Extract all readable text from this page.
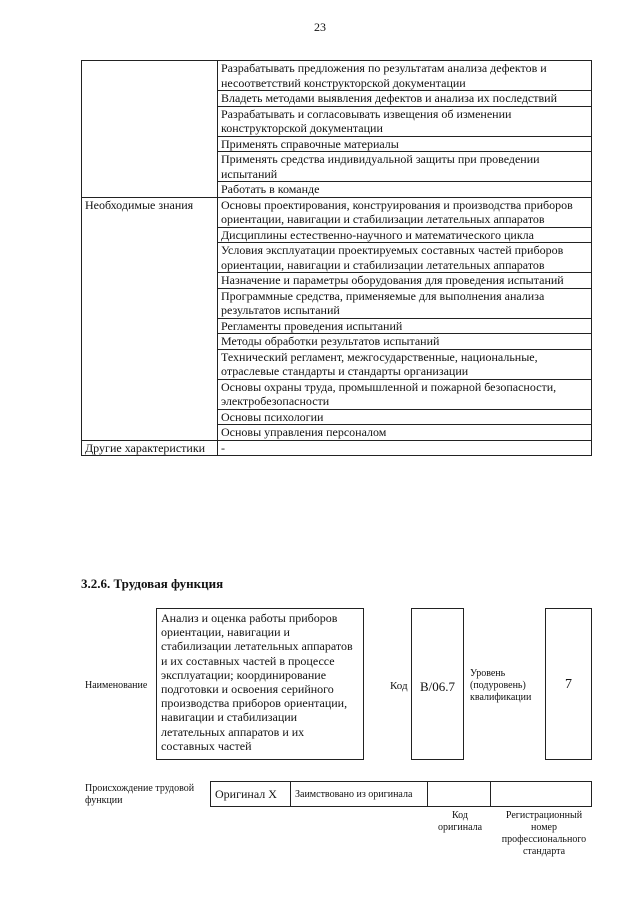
23
	Разрабатывать предложения по результатам анализа дефектов и несоответствий конструкторской документации
	Владеть методами выявления дефектов и анализа их последствий
	Разрабатывать и согласовывать извещения об изменении конструкторской документации
	Применять справочные материалы
	Применять средства индивидуальной защиты при проведении испытаний
	Работать в команде
Необходимые знания	Основы проектирования, конструирования и производства приборов ориентации, навигации и стабилизации летательных аппаратов
	Дисциплины естественно-научного и математического цикла
	Условия эксплуатации проектируемых составных частей приборов ориентации, навигации и стабилизации летательных аппаратов
	Назначение и параметры оборудования для проведения испытаний
	Программные средства, применяемые для выполнения анализа результатов испытаний
	Регламенты проведения испытаний
	Методы обработки результатов испытаний
	Технический регламент, межгосударственные, национальные, отраслевые стандарты и стандарты организации
	Основы охраны труда, промышленной и пожарной безопасности, электробезопасности
	Основы психологии
	Основы управления персоналом
Другие характеристики	-
3.2.6. Трудовая функция
Наименование
Анализ и оценка работы приборов ориентации, навигации и стабилизации летательных аппаратов и их составных частей в процессе эксплуатации; координирование подготовки и освоения серийного производства приборов ориентации, навигации и стабилизации летательных аппаратов и их составных частей
Код B/06.7
Уровень (подуровень) квалификации
7
Происхождение трудовой функции	Оригинал X	Заимствовано из оригинала		
Код оригинала
Регистрационный номер профессионального стандарта
